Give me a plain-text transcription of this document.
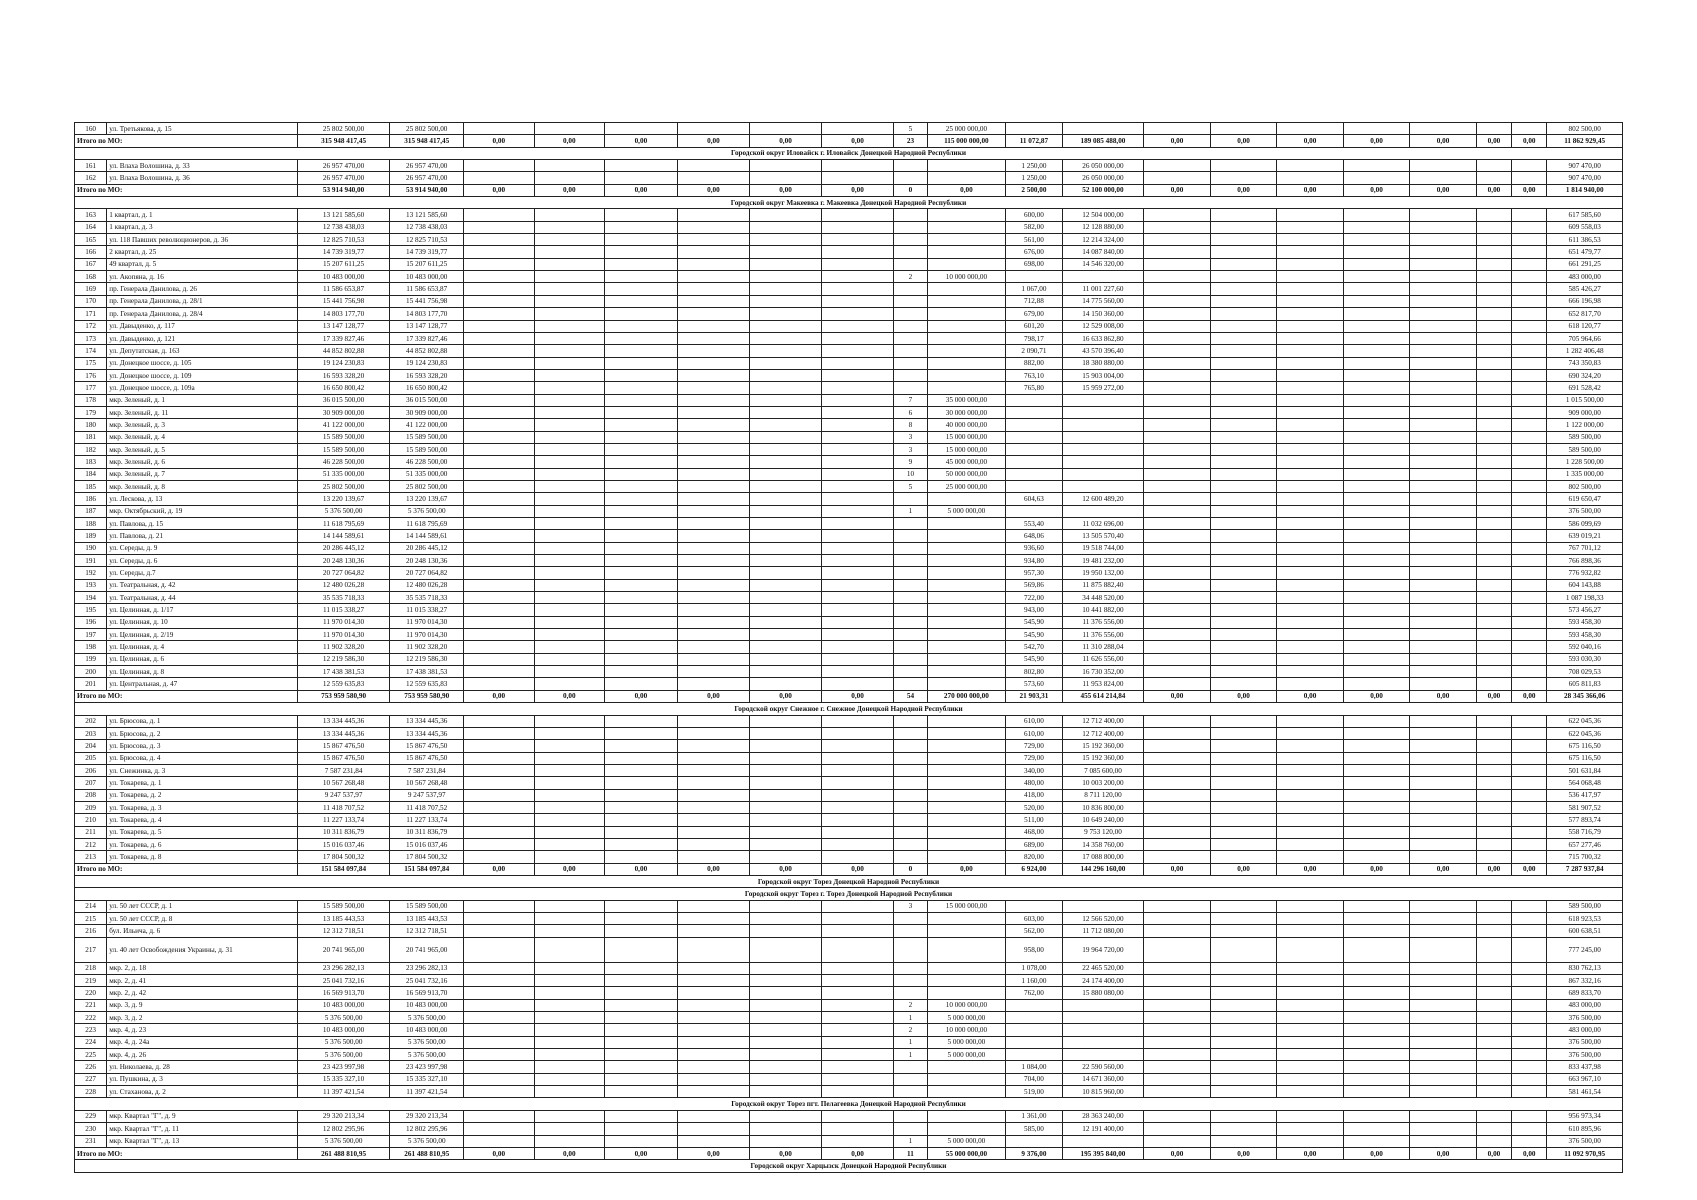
160	ул. Третьякова, д. 15	25 802 500,00	25 802 500,00							5	25 000 000,00										802 500,00
Итого по МО:		315 948 417,45	315 948 417,45	0,00	0,00	0,00	0,00	0,00	0,00	23	115 000 000,00	11 072,87	189 085 488,00	0,00	0,00	0,00	0,00	0,00	0,00	0,00	11 862 929,45
Городской округ Иловайск г. Иловайск Донецкой Народной Республики																					
161	ул. Влаха Волошина, д. 33	26 957 470,00	26 957 470,00									1 250,00	26 050 000,00								907 470,00
162	ул. Влаха Волошина, д. 36	26 957 470,00	26 957 470,00									1 250,00	26 050 000,00								907 470,00
Итого по МО:		53 914 940,00	53 914 940,00	0,00	0,00	0,00	0,00	0,00	0,00	0	0,00	2 500,00	52 100 000,00	0,00	0,00	0,00	0,00	0,00	0,00	0,00	1 814 940,00
Городской округ Макеевка г. Макеевка Донецкой Народной Республики																					
163	1 квартал, д. 1	13 121 585,60	13 121 585,60									600,00	12 504 000,00								617 585,60
164	1 квартал, д. 3	12 738 438,03	12 738 438,03									582,00	12 128 880,00								609 558,03
165	ул. 118 Павших революционеров, д. 36	12 825 710,53	12 825 710,53									561,00	12 214 324,00								611 386,53
166	2 квартал, д. 25	14 739 319,77	14 739 319,77									676,00	14 087 840,00								651 479,77
167	49 квартал, д. 5	15 207 611,25	15 207 611,25									698,00	14 546 320,00								661 291,25
168	ул. Акопяна, д. 16	10 483 000,00	10 483 000,00							2	10 000 000,00										483 000,00
169	пр. Генерала Данилова, д. 26	11 586 653,87	11 586 653,87									1 067,00	11 001 227,60								585 426,27
170	пр. Генерала Данилова, д. 28/1	15 441 756,98	15 441 756,98									712,88	14 775 560,00								666 196,98
171	пр. Генерала Данилова, д. 28/4	14 803 177,70	14 803 177,70									679,00	14 150 360,00								652 817,70
172	ул. Давыденко, д. 117	13 147 128,77	13 147 128,77									601,20	12 529 008,00								618 120,77
173	ул. Давыденко, д. 121	17 339 827,46	17 339 827,46									798,17	16 633 862,80								705 964,66
174	ул. Депутатская, д. 163	44 852 802,88	44 852 802,88									2 090,71	43 570 396,40								1 282 406,48
175	ул. Донецкое шоссе, д. 105	19 124 230,83	19 124 230,83									882,00	18 380 880,00								743 350,83
176	ул. Донецкое шоссе, д. 109	16 593 328,20	16 593 328,20									763,10	15 903 004,00								690 324,20
177	ул. Донецкое шоссе, д. 109а	16 650 800,42	16 650 800,42									765,80	15 959 272,00								691 528,42
178	мкр. Зеленый, д. 1	36 015 500,00	36 015 500,00							7	35 000 000,00										1 015 500,00
179	мкр. Зеленый, д. 11	30 909 000,00	30 909 000,00							6	30 000 000,00										909 000,00
180	мкр. Зеленый, д. 3	41 122 000,00	41 122 000,00							8	40 000 000,00										1 122 000,00
181	мкр. Зеленый, д. 4	15 589 500,00	15 589 500,00							3	15 000 000,00										589 500,00
182	мкр. Зеленый, д. 5	15 589 500,00	15 589 500,00							3	15 000 000,00										589 500,00
183	мкр. Зеленый, д. 6	46 228 500,00	46 228 500,00							9	45 000 000,00										1 228 500,00
184	мкр. Зеленый, д. 7	51 335 000,00	51 335 000,00							10	50 000 000,00										1 335 000,00
185	мкр. Зеленый, д. 8	25 802 500,00	25 802 500,00							5	25 000 000,00										802 500,00
186	ул. Лескова, д. 13	13 220 139,67	13 220 139,67									604,63	12 600 489,20								619 650,47
187	мкр. Октябрьский, д. 19	5 376 500,00	5 376 500,00							1	5 000 000,00										376 500,00
188	ул. Павлова, д. 15	11 618 795,69	11 618 795,69									553,40	11 032 696,00								586 099,69
189	ул. Павлова, д. 21	14 144 589,61	14 144 589,61									648,06	13 505 570,40								639 019,21
190	ул. Середы, д. 9	20 286 445,12	20 286 445,12									936,60	19 518 744,00								767 701,12
191	ул. Середы, д. 6	20 248 130,36	20 248 130,36									934,80	19 481 232,00								766 898,36
192	ул. Середы, д.7	20 727 064,82	20 727 064,82									957,30	19 950 132,00								776 932,82
193	ул. Театральная, д. 42	12 480 026,28	12 480 026,28									569,86	11 875 882,40								604 143,88
194	ул. Театральная, д. 44	35 535 718,33	35 535 718,33									722,00	34 448 520,00								1 087 198,33
195	ул. Целинная, д. 1/17	11 015 338,27	11 015 338,27									943,00	10 441 882,00								573 456,27
196	ул. Целинная, д. 10	11 970 014,30	11 970 014,30									545,90	11 376 556,00								593 458,30
197	ул. Целинная, д. 2/19	11 970 014,30	11 970 014,30									545,90	11 376 556,00								593 458,30
198	ул. Целинная, д. 4	11 902 328,20	11 902 328,20									542,70	11 310 288,04								592 040,16
199	ул. Целинная, д. 6	12 219 586,30	12 219 586,30									545,90	11 626 556,00								593 030,30
200	ул. Целинная, д. 8	17 438 381,53	17 438 381,53									802,80	16 730 352,00								708 029,53
201	ул. Центральная, д. 47	12 559 635,83	12 559 635,83									573,60	11 953 824,00								605 811,83
Итого по МО:		753 959 580,90	753 959 580,90	0,00	0,00	0,00	0,00	0,00	0,00	54	270 000 000,00	21 903,31	455 614 214,84	0,00	0,00	0,00	0,00	0,00	0,00	0,00	28 345 366,06
Городской округ Снежное г. Снежное Донецкой Народной Республики																					
202	ул. Брюсова, д. 1	13 334 445,36	13 334 445,36									610,00	12 712 400,00								622 045,36
203	ул. Брюсова, д. 2	13 334 445,36	13 334 445,36									610,00	12 712 400,00								622 045,36
204	ул. Брюсова, д. 3	15 867 476,50	15 867 476,50									729,00	15 192 360,00								675 116,50
205	ул. Брюсова, д. 4	15 867 476,50	15 867 476,50									729,00	15 192 360,00								675 116,50
206	ул. Снежинка, д. 3	7 587 231,84	7 587 231,84									340,00	7 085 600,00								501 631,84
207	ул. Токарева, д. 1	10 567 268,48	10 567 268,48									480,00	10 003 200,00								564 068,48
208	ул. Токарева, д. 2	9 247 537,97	9 247 537,97									418,00	8 711 120,00								536 417,97
209	ул. Токарева, д. 3	11 418 707,52	11 418 707,52									520,00	10 836 800,00								581 907,52
210	ул. Токарева, д. 4	11 227 133,74	11 227 133,74									511,00	10 649 240,00								577 893,74
211	ул. Токарева, д. 5	10 311 836,79	10 311 836,79									468,00	9 753 120,00								558 716,79
212	ул. Токарева, д. 6	15 016 037,46	15 016 037,46									689,00	14 358 760,00								657 277,46
213	ул. Токарева, д. 8	17 804 500,32	17 804 500,32									820,00	17 088 800,00								715 700,32
Итого по МО:		151 584 097,84	151 584 097,84	0,00	0,00	0,00	0,00	0,00	0,00	0	0,00	6 924,00	144 296 160,00	0,00	0,00	0,00	0,00	0,00	0,00	0,00	7 287 937,84
Городской округ Торез Донецкой Народной Республики																					
Городской округ Торез г. Торез Донецкой Народной Республики																					
214	ул. 50 лет СССР, д. 1	15 589 500,00	15 589 500,00							3	15 000 000,00										589 500,00
215	ул. 50 лет СССР, д. 8	13 185 443,53	13 185 443,53									603,00	12 566 520,00								618 923,53
216	бул. Ильича, д. 6	12 312 718,51	12 312 718,51									562,00	11 712 080,00								600 638,51
217	ул. 40 лет Освобождения Украины, д. 31	20 741 965,00	20 741 965,00									958,00	19 964 720,00								777 245,00
218	мкр. 2, д. 18	23 296 282,13	23 296 282,13									1 078,00	22 465 520,00								830 762,13
219	мкр. 2, д. 41	25 041 732,16	25 041 732,16									1 160,00	24 174 400,00								867 332,16
220	мкр. 2, д. 42	16 569 913,70	16 569 913,70									762,00	15 880 080,00								689 833,70
221	мкр. 3, д. 9	10 483 000,00	10 483 000,00							2	10 000 000,00										483 000,00
222	мкр. 3, д. 2	5 376 500,00	5 376 500,00							1	5 000 000,00										376 500,00
223	мкр. 4, д. 23	10 483 000,00	10 483 000,00							2	10 000 000,00										483 000,00
224	мкр. 4, д. 24а	5 376 500,00	5 376 500,00							1	5 000 000,00										376 500,00
225	мкр. 4, д. 26	5 376 500,00	5 376 500,00							1	5 000 000,00										376 500,00
226	ул. Николаева, д. 28	23 423 997,98	23 423 997,98									1 084,00	22 590 560,00								833 437,98
227	ул. Пушкина, д. 3	15 335 327,10	15 335 327,10									704,00	14 671 360,00								663 967,10
228	ул. Стаханова, д. 2	11 397 421,54	11 397 421,54									519,00	10 815 960,00								581 461,54
Городской округ Торез пгт. Пелагеевка Донецкой Народной Республики																					
229	мкр. Квартал "Г", д. 9	29 320 213,34	29 320 213,34									1 361,00	28 363 240,00								956 973,34
230	мкр. Квартал "Г", д. 11	12 802 295,96	12 802 295,96									585,00	12 191 400,00								610 895,96
231	мкр. Квартал "Г", д. 13	5 376 500,00	5 376 500,00							1	5 000 000,00										376 500,00
Итого по МО:		261 488 810,95	261 488 810,95	0,00	0,00	0,00	0,00	0,00	0,00	11	55 000 000,00	9 376,00	195 395 840,00	0,00	0,00	0,00	0,00	0,00	0,00	0,00	11 092 970,95
Городской округ Харцызск Донецкой Народной Республики																					
